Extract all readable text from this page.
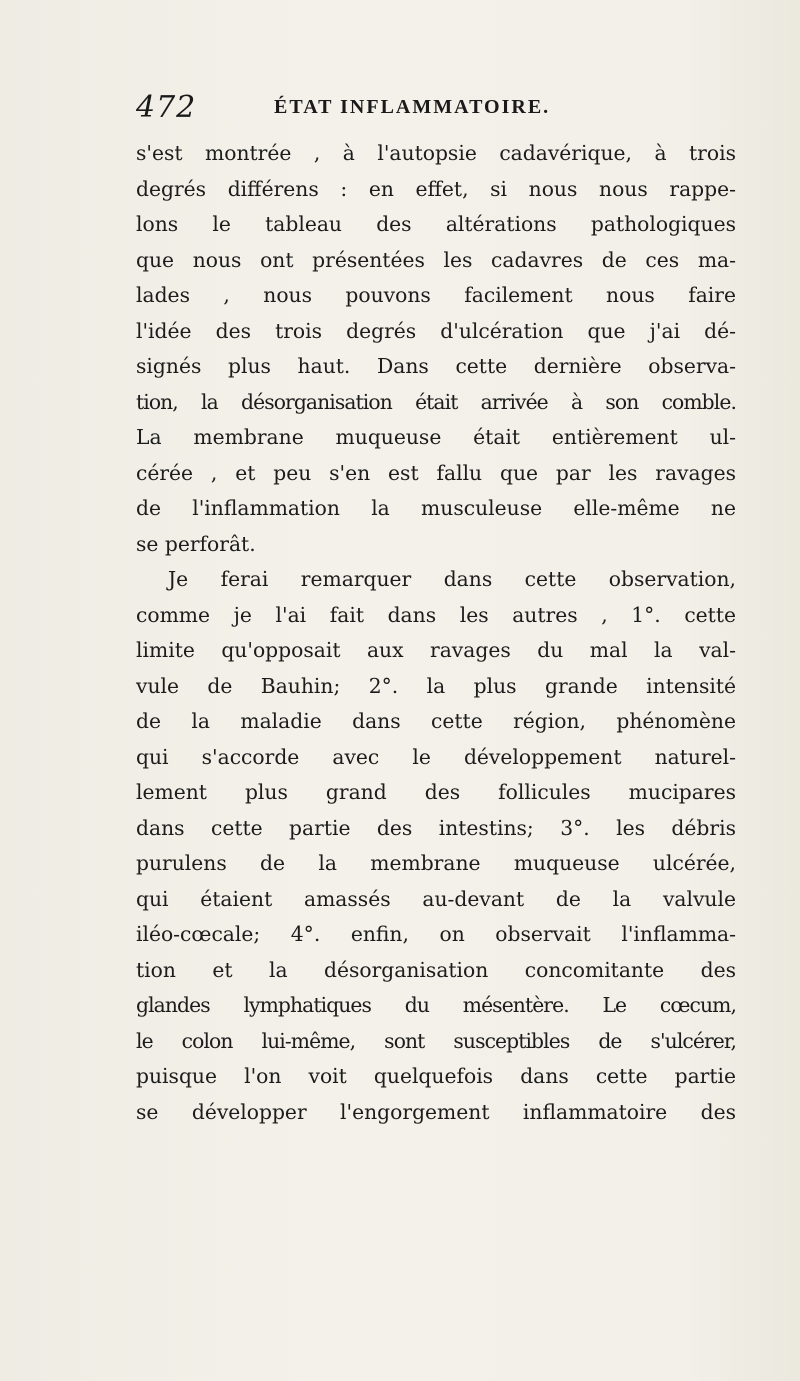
472	ÉTAT INFLAMMATOIRE.
s'est montrée , à l'autopsie cadavérique, à trois
degrés différens : en effet, si nous nous rappe-
lons le tableau des altérations pathologiques
que nous ont présentées les cadavres de ces ma-
lades , nous pouvons facilement nous faire
l'idée des trois degrés d'ulcération que j'ai dé-
signés plus haut. Dans cette dernière observa-
tion, la désorganisation était arrivée à son comble.
La membrane muqueuse était entièrement ul-
cérée , et peu s'en est fallu que par les ravages
de l'inflammation la musculeuse elle-même ne
se perforât.
Je ferai remarquer dans cette observation,
comme je l'ai fait dans les autres , 1°. cette
limite qu'opposait aux ravages du mal la val-
vule de Bauhin; 2°. la plus grande intensité
de la maladie dans cette région, phénomène
qui s'accorde avec le développement naturel-
lement plus grand des follicules mucipares
dans cette partie des intestins; 3°. les débris
purulens de la membrane muqueuse ulcérée,
qui étaient amassés au-devant de la valvule
iléo-cœcale; 4°. enfin, on observait l'inflamma-
tion et la désorganisation concomitante des
glandes lymphatiques du mésentère. Le cœcum,
le colon lui-même, sont susceptibles de s'ulcérer,
puisque l'on voit quelquefois dans cette partie
se développer l'engorgement inflammatoire des
